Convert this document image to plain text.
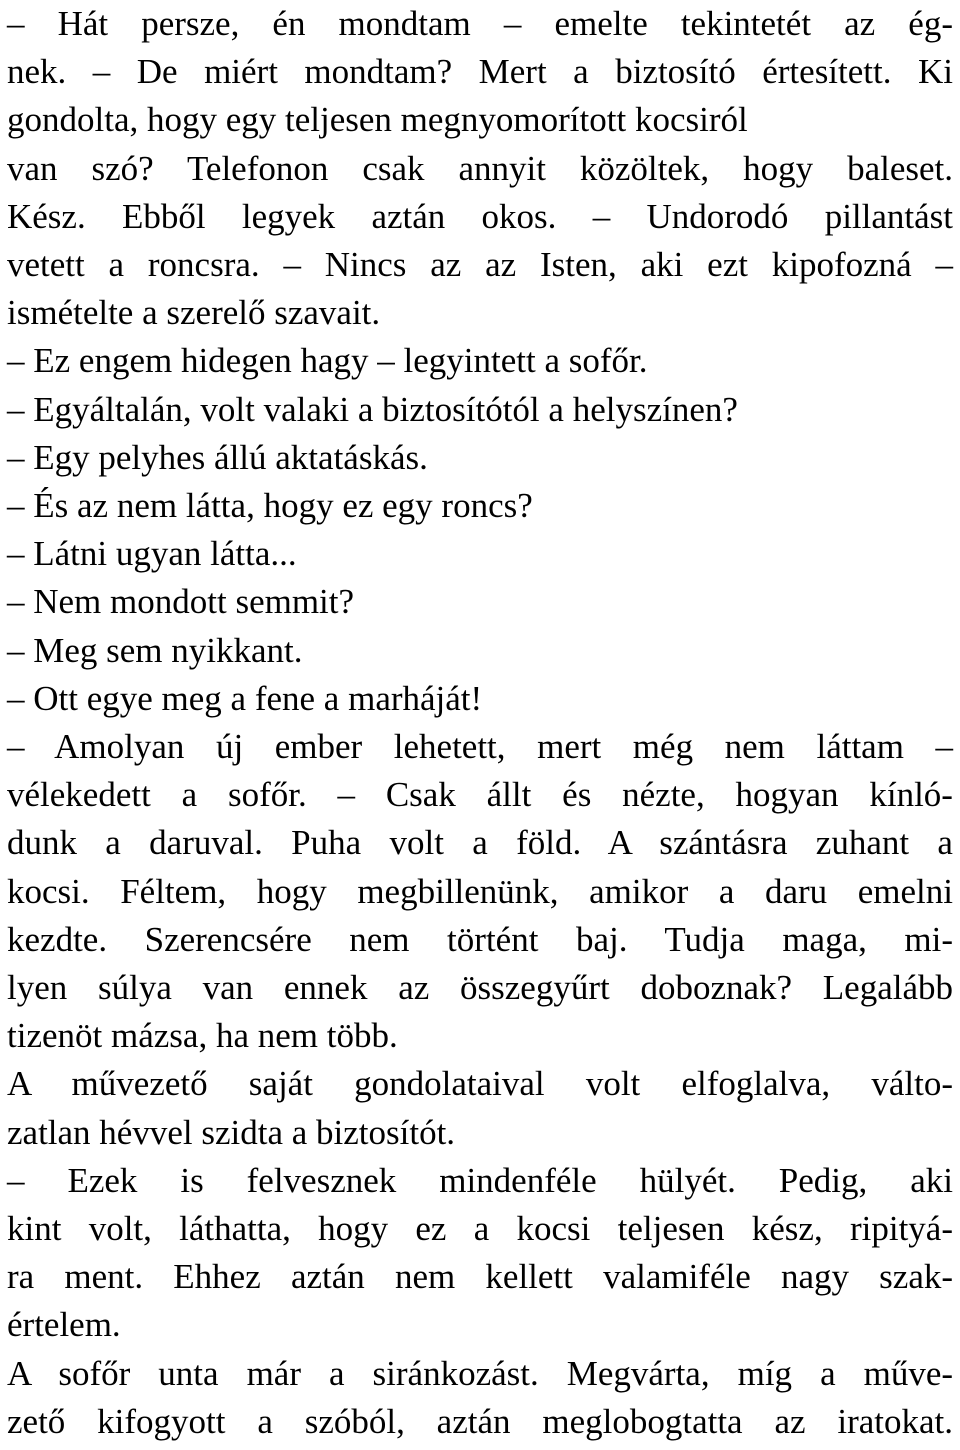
– Hát persze, én mondtam – emelte tekintetét az ég-
nek. – De miért mondtam? Mert a biztosító értesített. Ki
gondolta, hogy egy teljesen megnyomorított kocsiról
van szó? Telefonon csak annyit közöltek, hogy baleset.
Kész. Ebből legyek aztán okos. – Undorodó pillantást
vetett a roncsra. – Nincs az az Isten, aki ezt kipofozná –
ismételte a szerelő szavait.
– Ez engem hidegen hagy – legyintett a sofőr.
– Egyáltalán, volt valaki a biztosítótól a helyszínen?
– Egy pelyhes állú aktatáskás.
– És az nem látta, hogy ez egy roncs?
– Látni ugyan látta...
– Nem mondott semmit?
– Meg sem nyikkant.
– Ott egye meg a fene a marháját!
– Amolyan új ember lehetett, mert még nem láttam –
vélekedett a sofőr. – Csak állt és nézte, hogyan kínló-
dunk a daruval. Puha volt a föld. A szántásra zuhant a
kocsi. Féltem, hogy megbillenünk, amikor a daru emelni
kezdte. Szerencsére nem történt baj. Tudja maga, mi-
lyen súlya van ennek az összegyűrt doboznak? Legalább
tizenöt mázsa, ha nem több.
A művezető saját gondolataival volt elfoglalva, válto-
zatlan hévvel szidta a biztosítót.
– Ezek is felvesznek mindenféle hülyét. Pedig, aki
kint volt, láthatta, hogy ez a kocsi teljesen kész, ripityá-
ra ment. Ehhez aztán nem kellett valamiféle nagy szak-
értelem.
A sofőr unta már a siránkozást. Megvárta, míg a műve-
zető kifogyott a szóból, aztán meglobogtatta az iratokat.
